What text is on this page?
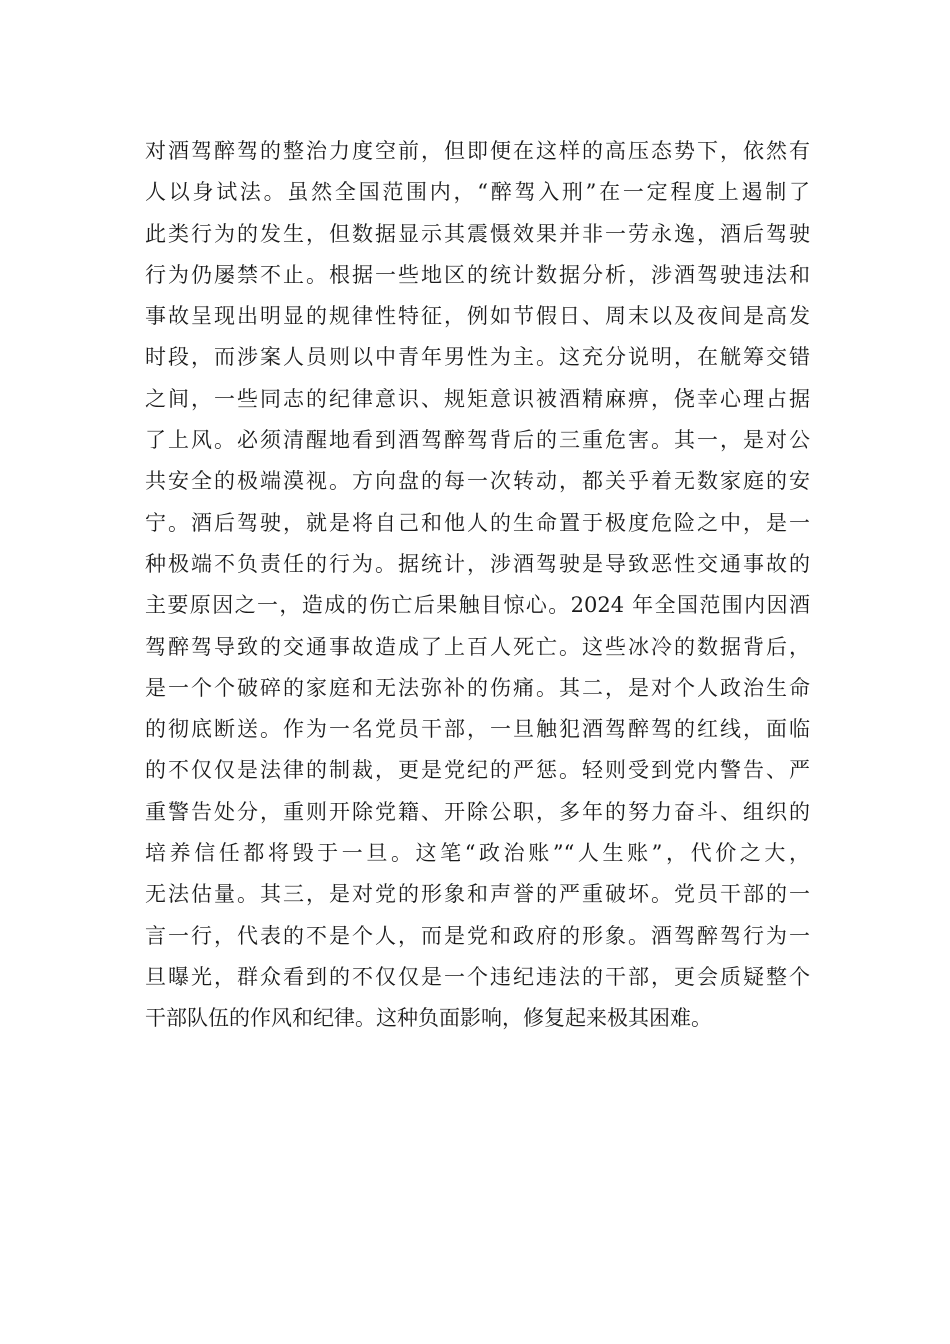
对酒驾醉驾的整治力度空前，但即便在这样的高压态势下，依然有
人以身试法。虽然全国范围内，“醉驾入刑”在一定程度上遏制了
此类行为的发生，但数据显示其震慑效果并非一劳永逸，酒后驾驶
行为仍屡禁不止。根据一些地区的统计数据分析，涉酒驾驶违法和
事故呈现出明显的规律性特征，例如节假日、周末以及夜间是高发
时段，而涉案人员则以中青年男性为主。这充分说明，在觥筹交错
之间，一些同志的纪律意识、规矩意识被酒精麻痹，侥幸心理占据
了上风。必须清醒地看到酒驾醉驾背后的三重危害。其一，是对公
共安全的极端漠视。方向盘的每一次转动，都关乎着无数家庭的安
宁。酒后驾驶，就是将自己和他人的生命置于极度危险之中，是一
种极端不负责任的行为。据统计，涉酒驾驶是导致恶性交通事故的
主要原因之一，造成的伤亡后果触目惊心。2024 年全国范围内因酒
驾醉驾导致的交通事故造成了上百人死亡。这些冰冷的数据背后，
是一个个破碎的家庭和无法弥补的伤痛。其二，是对个人政治生命
的彻底断送。作为一名党员干部，一旦触犯酒驾醉驾的红线，面临
的不仅仅是法律的制裁，更是党纪的严惩。轻则受到党内警告、严
重警告处分，重则开除党籍、开除公职，多年的努力奋斗、组织的
培养信任都将毁于一旦。这笔“政治账”“人生账”，代价之大，
无法估量。其三，是对党的形象和声誉的严重破坏。党员干部的一
言一行，代表的不是个人，而是党和政府的形象。酒驾醉驾行为一
旦曝光，群众看到的不仅仅是一个违纪违法的干部，更会质疑整个
干部队伍的作风和纪律。这种负面影响，修复起来极其困难。
